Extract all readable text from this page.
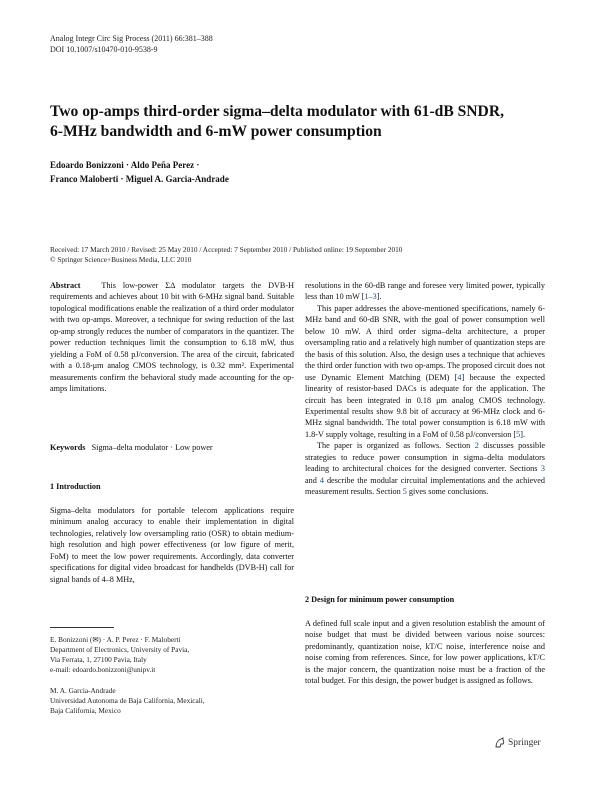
Analog Integr Circ Sig Process (2011) 66:381–388
DOI 10.1007/s10470-010-9538-9
Two op-amps third-order sigma–delta modulator with 61-dB SNDR, 6-MHz bandwidth and 6-mW power consumption
Edoardo Bonizzoni · Aldo Peña Perez ·
Franco Maloberti · Miguel A. Garcia-Andrade
Received: 17 March 2010 / Revised: 25 May 2010 / Accepted: 7 September 2010 / Published online: 19 September 2010
© Springer Science+Business Media, LLC 2010

Abstract	This low-power ΣΔ modulator targets the DVB-H requirements and achieves about 10 bit with 6-MHz signal band. Suitable topological modifications enable the realization of a third order modulator with two op-amps. Moreover, a technique for swing reduction of the last op-amp strongly reduces the number of comparators in the quantizer. The power reduction techniques limit the consumption to 6.18 mW, thus yielding a FoM of 0.58 pJ/conversion. The area of the circuit, fabricated with a 0.18-μm analog CMOS technology, is 0.32 mm². Experimental measurements confirm the behavioral study made accounting for the op-amps limitations.

Keywords Sigma–delta modulator · Low power
1 Introduction

Sigma–delta modulators for portable telecom applications require minimum analog accuracy to enable their implementation in digital technologies, relatively low oversampling ratio (OSR) to obtain medium-high resolution and high power effectiveness (or low figure of merit, FoM) to meet the low power requirements. Accordingly, data converter specifications for digital video broadcast for handhelds (DVB-H) call for signal bands of 4–8 MHz,

E. Bonizzoni (✉) · A. P. Perez · F. Maloberti
Department of Electronics, University of Pavia,
Via Ferrata, 1, 27100 Pavia, Italy
e-mail: edoardo.bonizzoni@unipv.it
M. A. Garcia-Andrade
Universidad Autonoma de Baja California, Mexicali,
Baja California, Mexico

resolutions in the 60-dB range and foresee very limited power, typically less than 10 mW [1–3].

This paper addresses the above-mentioned specifications, namely 6-MHz band and 60-dB SNR, with the goal of power consumption well below 10 mW. A third order sigma–delta architecture, a proper oversampling ratio and a relatively high number of quantization steps are the basis of this solution. Also, the design uses a technique that achieves the third order function with two op-amps. The proposed circuit does not use Dynamic Element Matching (DEM) [4] because the expected linearity of resistor-based DACs is adequate for the application. The circuit has been integrated in 0.18 μm analog CMOS technology. Experimental results show 9.8 bit of accuracy at 96-MHz clock and 6-MHz signal bandwidth. The total power consumption is 6.18 mW with 1.8-V supply voltage, resulting in a FoM of 0.58 pJ/conversion [5].

The paper is organized as follows. Section 2 discusses possible strategies to reduce power consumption in sigma–delta modulators leading to architectural choices for the designed converter. Sections 3 and 4 describe the modular circuital implementations and the achieved measurement results. Section 5 gives some conclusions.

2 Design for minimum power consumption

A defined full scale input and a given resolution establish the amount of noise budget that must be divided between various noise sources: predominantly, quantization noise, kT/C noise, interference noise and noise coming from references. Since, for low power applications, kT/C is the major concern, the quantization noise must be a fraction of the total budget. For this design, the power budget is assigned as follows.

Springer
